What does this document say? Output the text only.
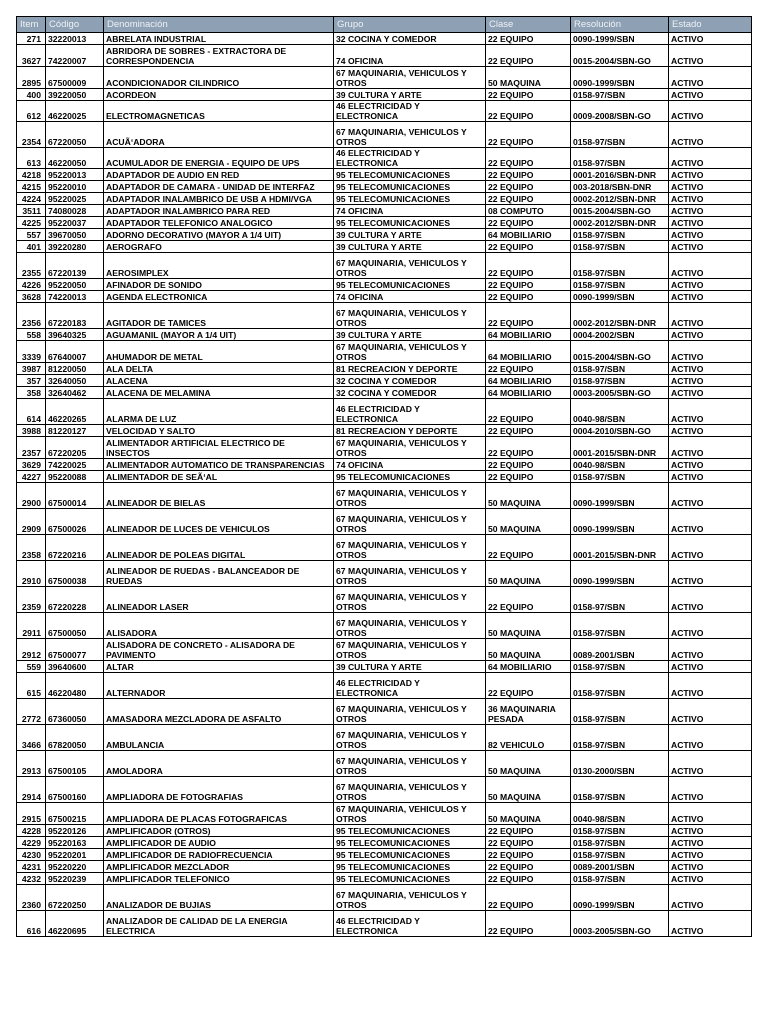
Item	Código	Denominación	Grupo	Clase	Resolución	Estado
271	32220013	ABRELATA INDUSTRIAL	32 COCINA Y COMEDOR	22 EQUIPO	0090-1999/SBN	ACTIVO
3627	74220007	ABRIDORA DE SOBRES - EXTRACTORA DE CORRESPONDENCIA	74 OFICINA	22 EQUIPO	0015-2004/SBN-GO	ACTIVO
2895	67500009	ACONDICIONADOR CILINDRICO	67 MAQUINARIA, VEHICULOS Y OTROS	50 MAQUINA	0090-1999/SBN	ACTIVO
400	39220050	ACORDEON	39 CULTURA Y ARTE	22 EQUIPO	0158-97/SBN	ACTIVO
612	46220025	ELECTROMAGNETICAS	46 ELECTRICIDAD Y ELECTRONICA	22 EQUIPO	0009-2008/SBN-GO	ACTIVO
2354	67220050	ACUÃ‘ADORA	67 MAQUINARIA, VEHICULOS Y OTROS	22 EQUIPO	0158-97/SBN	ACTIVO
613	46220050	ACUMULADOR DE ENERGIA - EQUIPO DE UPS	46 ELECTRICIDAD Y ELECTRONICA	22 EQUIPO	0158-97/SBN	ACTIVO
4218	95220013	ADAPTADOR DE AUDIO EN RED	95 TELECOMUNICACIONES	22 EQUIPO	0001-2016/SBN-DNR	ACTIVO
4215	95220010	ADAPTADOR DE CAMARA - UNIDAD DE INTERFAZ	95 TELECOMUNICACIONES	22 EQUIPO	003-2018/SBN-DNR	ACTIVO
4224	95220025	ADAPTADOR INALAMBRICO DE USB A HDMI/VGA	95 TELECOMUNICACIONES	22 EQUIPO	0002-2012/SBN-DNR	ACTIVO
3511	74080028	ADAPTADOR INALAMBRICO PARA RED	74 OFICINA	08 COMPUTO	0015-2004/SBN-GO	ACTIVO
4225	95220037	ADAPTADOR TELEFONICO ANALOGICO	95 TELECOMUNICACIONES	22 EQUIPO	0002-2012/SBN-DNR	ACTIVO
557	39670050	ADORNO DECORATIVO (MAYOR A 1/4 UIT)	39 CULTURA Y ARTE	64 MOBILIARIO	0158-97/SBN	ACTIVO
401	39220280	AEROGRAFO	39 CULTURA Y ARTE	22 EQUIPO	0158-97/SBN	ACTIVO
2355	67220139	AEROSIMPLEX	67 MAQUINARIA, VEHICULOS Y OTROS	22 EQUIPO	0158-97/SBN	ACTIVO
4226	95220050	AFINADOR DE SONIDO	95 TELECOMUNICACIONES	22 EQUIPO	0158-97/SBN	ACTIVO
3628	74220013	AGENDA ELECTRONICA	74 OFICINA	22 EQUIPO	0090-1999/SBN	ACTIVO
2356	67220183	AGITADOR DE TAMICES	67 MAQUINARIA, VEHICULOS Y OTROS	22 EQUIPO	0002-2012/SBN-DNR	ACTIVO
558	39640325	AGUAMANIL (MAYOR A 1/4 UIT)	39 CULTURA Y ARTE	64 MOBILIARIO	0004-2002/SBN	ACTIVO
3339	67640007	AHUMADOR DE METAL	67 MAQUINARIA, VEHICULOS Y OTROS	64 MOBILIARIO	0015-2004/SBN-GO	ACTIVO
3987	81220050	ALA DELTA	81 RECREACION Y DEPORTE	22 EQUIPO	0158-97/SBN	ACTIVO
357	32640050	ALACENA	32 COCINA Y COMEDOR	64 MOBILIARIO	0158-97/SBN	ACTIVO
358	32640462	ALACENA DE MELAMINA	32 COCINA Y COMEDOR	64 MOBILIARIO	0003-2005/SBN-GO	ACTIVO
614	46220265	ALARMA DE LUZ	46 ELECTRICIDAD Y ELECTRONICA	22 EQUIPO	0040-98/SBN	ACTIVO
3988	81220127	VELOCIDAD Y SALTO	81 RECREACION Y DEPORTE	22 EQUIPO	0004-2010/SBN-GO	ACTIVO
2357	67220205	ALIMENTADOR ARTIFICIAL ELECTRICO DE INSECTOS	67 MAQUINARIA, VEHICULOS Y OTROS	22 EQUIPO	0001-2015/SBN-DNR	ACTIVO
3629	74220025	ALIMENTADOR AUTOMATICO DE TRANSPARENCIAS	74 OFICINA	22 EQUIPO	0040-98/SBN	ACTIVO
4227	95220088	ALIMENTADOR DE SEÃ‘AL	95 TELECOMUNICACIONES	22 EQUIPO	0158-97/SBN	ACTIVO
2900	67500014	ALINEADOR DE BIELAS	67 MAQUINARIA, VEHICULOS Y OTROS	50 MAQUINA	0090-1999/SBN	ACTIVO
2909	67500026	ALINEADOR DE LUCES DE VEHICULOS	67 MAQUINARIA, VEHICULOS Y OTROS	50 MAQUINA	0090-1999/SBN	ACTIVO
2358	67220216	ALINEADOR DE POLEAS DIGITAL	67 MAQUINARIA, VEHICULOS Y OTROS	22 EQUIPO	0001-2015/SBN-DNR	ACTIVO
2910	67500038	ALINEADOR DE RUEDAS - BALANCEADOR DE RUEDAS	67 MAQUINARIA, VEHICULOS Y OTROS	50 MAQUINA	0090-1999/SBN	ACTIVO
2359	67220228	ALINEADOR LASER	67 MAQUINARIA, VEHICULOS Y OTROS	22 EQUIPO	0158-97/SBN	ACTIVO
2911	67500050	ALISADORA	67 MAQUINARIA, VEHICULOS Y OTROS	50 MAQUINA	0158-97/SBN	ACTIVO
2912	67500077	ALISADORA DE CONCRETO - ALISADORA DE PAVIMENTO	67 MAQUINARIA, VEHICULOS Y OTROS	50 MAQUINA	0089-2001/SBN	ACTIVO
559	39640600	ALTAR	39 CULTURA Y ARTE	64 MOBILIARIO	0158-97/SBN	ACTIVO
615	46220480	ALTERNADOR	46 ELECTRICIDAD Y ELECTRONICA	22 EQUIPO	0158-97/SBN	ACTIVO
2772	67360050	AMASADORA MEZCLADORA DE ASFALTO	67 MAQUINARIA, VEHICULOS Y OTROS	36 MAQUINARIA PESADA	0158-97/SBN	ACTIVO
3466	67820050	AMBULANCIA	67 MAQUINARIA, VEHICULOS Y OTROS	82 VEHICULO	0158-97/SBN	ACTIVO
2913	67500105	AMOLADORA	67 MAQUINARIA, VEHICULOS Y OTROS	50 MAQUINA	0130-2000/SBN	ACTIVO
2914	67500160	AMPLIADORA DE FOTOGRAFIAS	67 MAQUINARIA, VEHICULOS Y OTROS	50 MAQUINA	0158-97/SBN	ACTIVO
2915	67500215	AMPLIADORA DE PLACAS FOTOGRAFICAS	67 MAQUINARIA, VEHICULOS Y OTROS	50 MAQUINA	0040-98/SBN	ACTIVO
4228	95220126	AMPLIFICADOR (OTROS)	95 TELECOMUNICACIONES	22 EQUIPO	0158-97/SBN	ACTIVO
4229	95220163	AMPLIFICADOR DE AUDIO	95 TELECOMUNICACIONES	22 EQUIPO	0158-97/SBN	ACTIVO
4230	95220201	AMPLIFICADOR DE RADIOFRECUENCIA	95 TELECOMUNICACIONES	22 EQUIPO	0158-97/SBN	ACTIVO
4231	95220220	AMPLIFICADOR MEZCLADOR	95 TELECOMUNICACIONES	22 EQUIPO	0089-2001/SBN	ACTIVO
4232	95220239	AMPLIFICADOR TELEFONICO	95 TELECOMUNICACIONES	22 EQUIPO	0158-97/SBN	ACTIVO
2360	67220250	ANALIZADOR DE BUJIAS	67 MAQUINARIA, VEHICULOS Y OTROS	22 EQUIPO	0090-1999/SBN	ACTIVO
616	46220695	ANALIZADOR DE CALIDAD DE LA ENERGIA ELECTRICA	46 ELECTRICIDAD Y ELECTRONICA	22 EQUIPO	0003-2005/SBN-GO	ACTIVO
